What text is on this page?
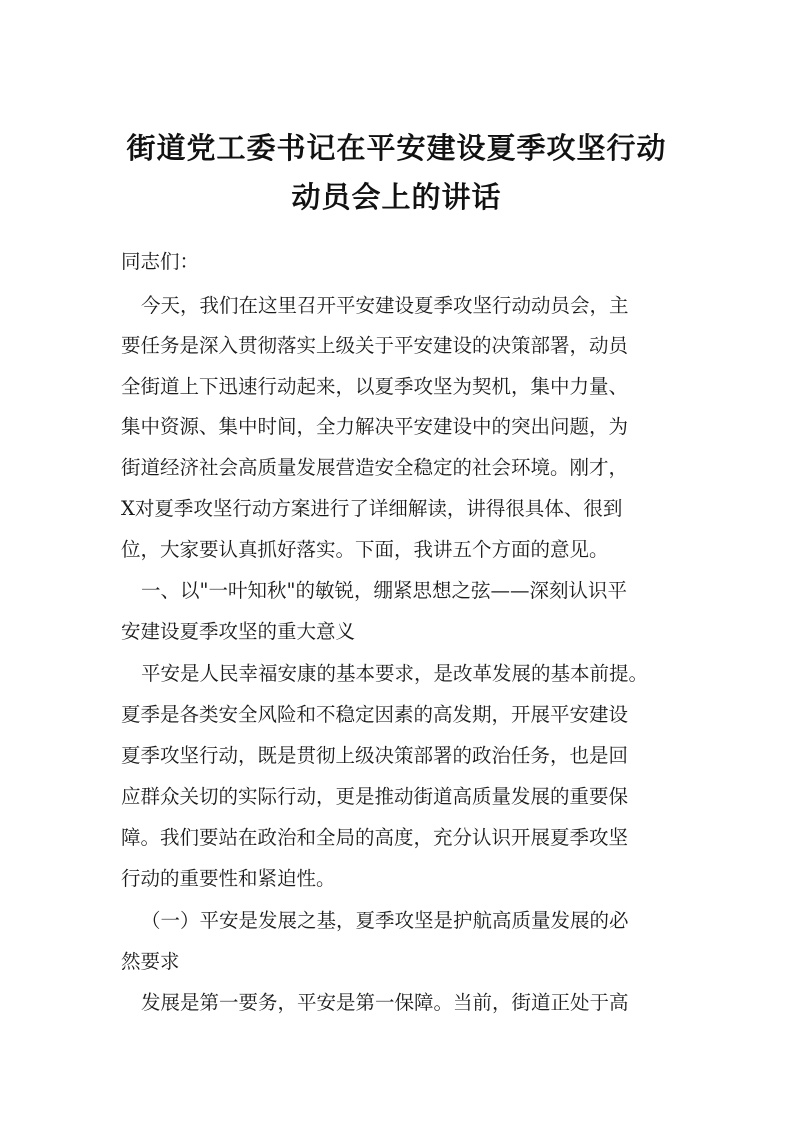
街道党工委书记在平安建设夏季攻坚行动
动员会上的讲话
同志们：
今天，我们在这里召开平安建设夏季攻坚行动动员会，主
要任务是深入贯彻落实上级关于平安建设的决策部署，动员
全街道上下迅速行动起来，以夏季攻坚为契机，集中力量、
集中资源、集中时间，全力解决平安建设中的突出问题，为
街道经济社会高质量发展营造安全稳定的社会环境。刚才，
X对夏季攻坚行动方案进行了详细解读，讲得很具体、很到
位，大家要认真抓好落实。下面，我讲五个方面的意见。
一、以"一叶知秋"的敏锐，绷紧思想之弦——深刻认识平
安建设夏季攻坚的重大意义
平安是人民幸福安康的基本要求，是改革发展的基本前提。
夏季是各类安全风险和不稳定因素的高发期，开展平安建设
夏季攻坚行动，既是贯彻上级决策部署的政治任务，也是回
应群众关切的实际行动，更是推动街道高质量发展的重要保
障。我们要站在政治和全局的高度，充分认识开展夏季攻坚
行动的重要性和紧迫性。
（一）平安是发展之基，夏季攻坚是护航高质量发展的必
然要求
发展是第一要务，平安是第一保障。当前，街道正处于高
